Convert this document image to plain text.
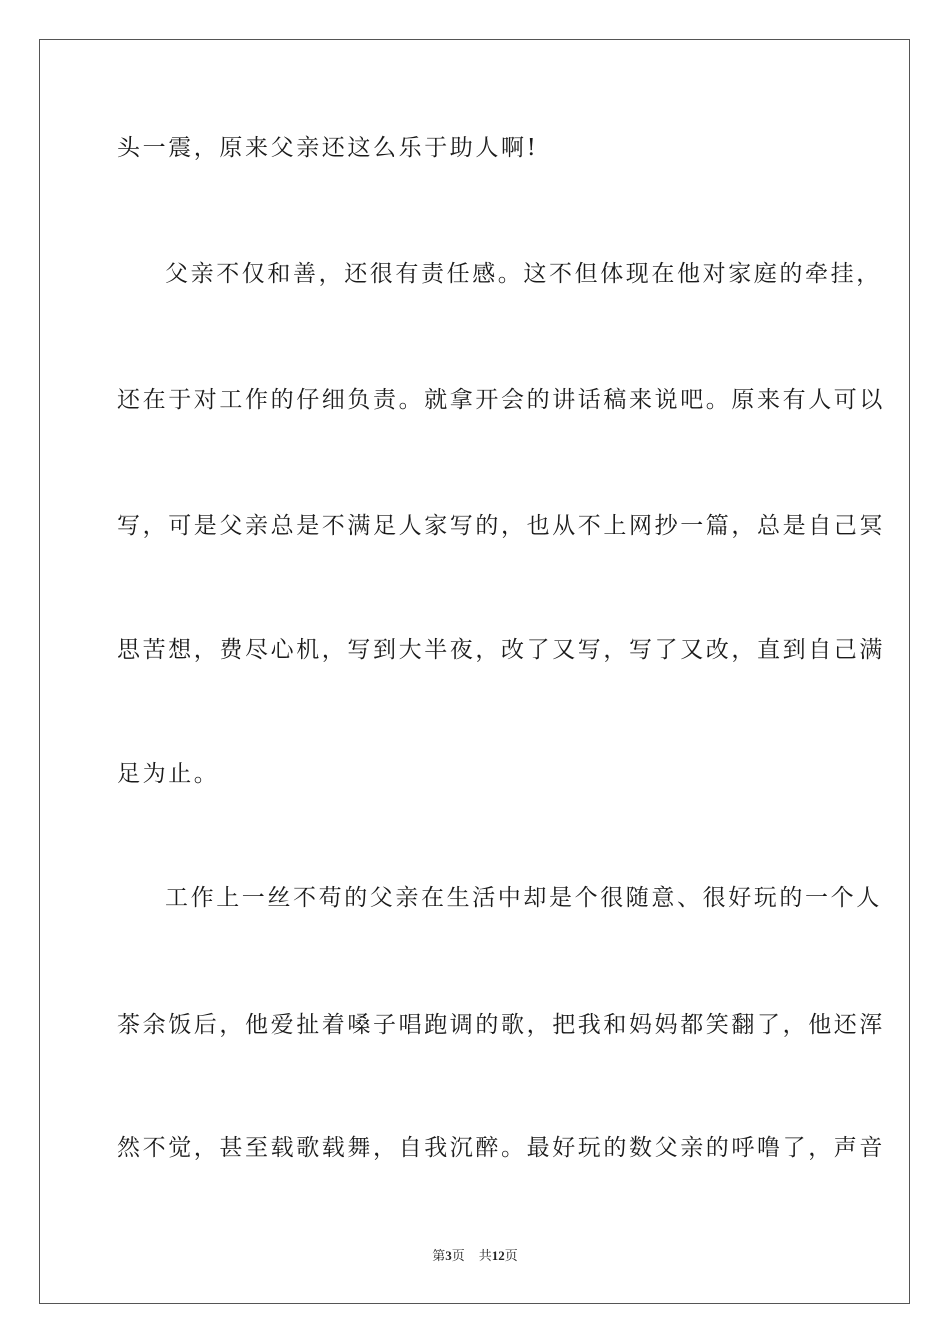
头一震，原来父亲还这么乐于助人啊!
父亲不仅和善，还很有责任感。这不但体现在他对家庭的牵挂，
还在于对工作的仔细负责。就拿开会的讲话稿来说吧。原来有人可以
写，可是父亲总是不满足人家写的，也从不上网抄一篇，总是自己冥
思苦想，费尽心机，写到大半夜，改了又写，写了又改，直到自己满
足为止。
工作上一丝不苟的父亲在生活中却是个很随意、很好玩的一个人
茶余饭后，他爱扯着嗓子唱跑调的歌，把我和妈妈都笑翻了，他还浑
然不觉，甚至载歌载舞，自我沉醉。最好玩的数父亲的呼噜了，声音
第3页 共12页
